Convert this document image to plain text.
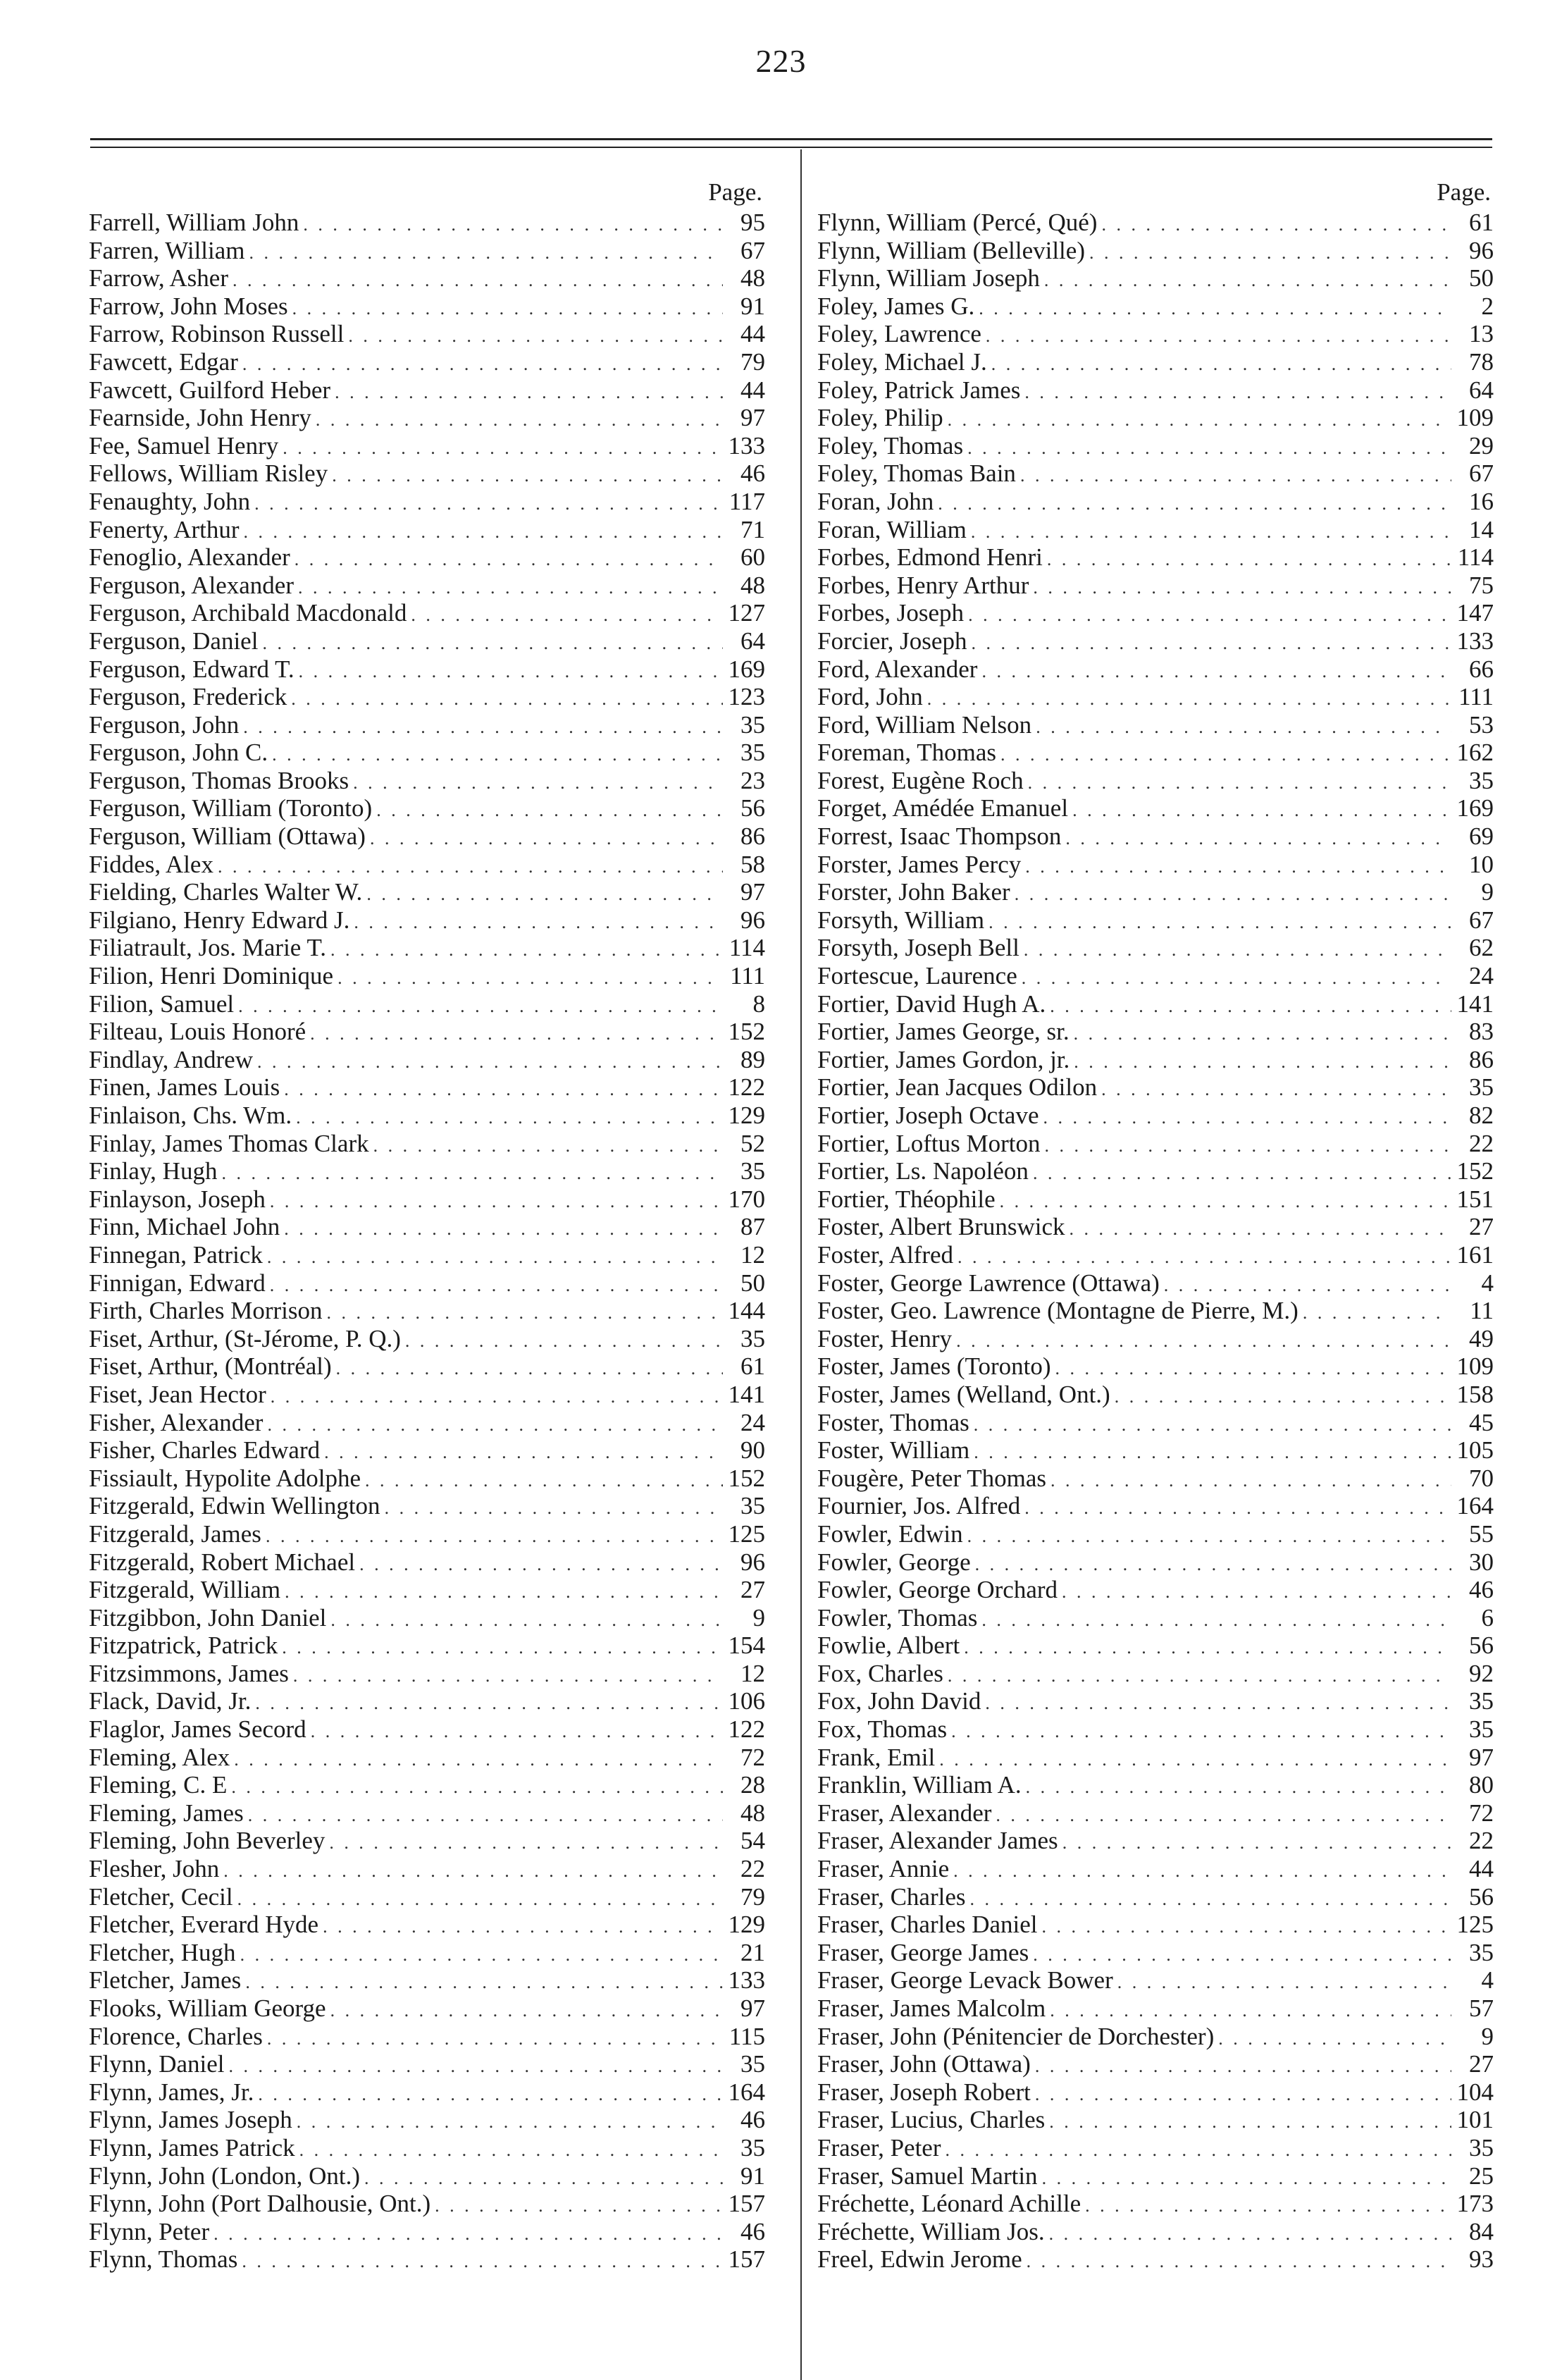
223
Page.
Farrell, William John . . .	95
Farren, William . . .	67
Farrow, Asher . . .	48
Farrow, John Moses . . .	91
Farrow, Robinson Russell . . .	44
Fawcett, Edgar . . .	79
Fawcett, Guilford Heber . . .	44
Fearnside, John Henry . . .	97
Fee, Samuel Henry . . .	133
Fellows, William Risley . . .	46
Fenaughty, John . . .	117
Fenerty, Arthur . . .	71
Fenoglio, Alexander . . .	60
Ferguson, Alexander . . .	48
Ferguson, Archibald Macdonald . . .	127
Ferguson, Daniel . . .	64
Ferguson, Edward T. . . .	169
Ferguson, Frederick . . .	123
Ferguson, John . . .	35
Ferguson, John C. . . .	35
Ferguson, Thomas Brooks . . .	23
Ferguson, William (Toronto) . . .	56
Ferguson, William (Ottawa) . . .	86
Fiddes, Alex . . .	58
Fielding, Charles Walter W. . . .	97
Filgiano, Henry Edward J. . . .	96
Filiatrault, Jos. Marie T. . . .	114
Filion, Henri Dominique . . .	111
Filion, Samuel . . .	8
Filteau, Louis Honoré . . .	152
Findlay, Andrew . . .	89
Finen, James Louis . . .	122
Finlaison, Chs. Wm. . . .	129
Finlay, James Thomas Clark . . .	52
Finlay, Hugh . . .	35
Finlayson, Joseph . . .	170
Finn, Michael John . . .	87
Finnegan, Patrick . . .	12
Finnigan, Edward . . .	50
Firth, Charles Morrison . . .	144
Fiset, Arthur, (St-Jérome, P. Q.) . . .	35
Fiset, Arthur, (Montréal) . . .	61
Fiset, Jean Hector . . .	141
Fisher, Alexander . . .	24
Fisher, Charles Edward . . .	90
Fissiault, Hypolite Adolphe . . .	152
Fitzgerald, Edwin Wellington . . .	35
Fitzgerald, James . . .	125
Fitzgerald, Robert Michael . . .	96
Fitzgerald, William . . .	27
Fitzgibbon, John Daniel . . .	9
Fitzpatrick, Patrick . . .	154
Fitzsimmons, James . . .	12
Flack, David, Jr. . . .	106
Flaglor, James Secord . . .	122
Fleming, Alex . . .	72
Fleming, C. E . . .	28
Fleming, James . . .	48
Fleming, John Beverley . . .	54
Flesher, John . . .	22
Fletcher, Cecil . . .	79
Fletcher, Everard Hyde . . .	129
Fletcher, Hugh . . .	21
Fletcher, James . . .	133
Flooks, William George . . .	97
Florence, Charles . . .	115
Flynn, Daniel . . .	35
Flynn, James, Jr. . . .	164
Flynn, James Joseph . . .	46
Flynn, James Patrick . . .	35
Flynn, John (London, Ont.) . . .	91
Flynn, John (Port Dalhousie, Ont.) . . .	157
Flynn, Peter . . .	46
Flynn, Thomas . . .	157
Page.
Flynn, William (Percé, Qué) . . .	61
Flynn, William (Belleville) . . .	96
Flynn, William Joseph . . .	50
Foley, James G. . . .	2
Foley, Lawrence . . .	13
Foley, Michael J. . . .	78
Foley, Patrick James . . .	64
Foley, Philip . . .	109
Foley, Thomas . . .	29
Foley, Thomas Bain . . .	67
Foran, John . . .	16
Foran, William . . .	14
Forbes, Edmond Henri . . .	114
Forbes, Henry Arthur . . .	75
Forbes, Joseph . . .	147
Forcier, Joseph . . .	133
Ford, Alexander . . .	66
Ford, John . . .	111
Ford, William Nelson . . .	53
Foreman, Thomas . . .	162
Forest, Eugène Roch . . .	35
Forget, Amédée Emanuel . . .	169
Forrest, Isaac Thompson . . .	69
Forster, James Percy . . .	10
Forster, John Baker . . .	9
Forsyth, William . . .	67
Forsyth, Joseph Bell . . .	62
Fortescue, Laurence . . .	24
Fortier, David Hugh A. . . .	141
Fortier, James George, sr. . . .	83
Fortier, James Gordon, jr. . . .	86
Fortier, Jean Jacques Odilon . . .	35
Fortier, Joseph Octave . . .	82
Fortier, Loftus Morton . . .	22
Fortier, Ls. Napoléon . . .	152
Fortier, Théophile . . .	151
Foster, Albert Brunswick . . .	27
Foster, Alfred . . .	161
Foster, George Lawrence (Ottawa) . . .	4
Foster, Geo. Lawrence (Montagne de Pierre, M.) . . .	11
Foster, Henry . . .	49
Foster, James (Toronto) . . .	109
Foster, James (Welland, Ont.) . . .	158
Foster, Thomas . . .	45
Foster, William . . .	105
Fougère, Peter Thomas . . .	70
Fournier, Jos. Alfred . . .	164
Fowler, Edwin . . .	55
Fowler, George . . .	30
Fowler, George Orchard . . .	46
Fowler, Thomas . . .	6
Fowlie, Albert . . .	56
Fox, Charles . . .	92
Fox, John David . . .	35
Fox, Thomas . . .	35
Frank, Emil . . .	97
Franklin, William A. . . .	80
Fraser, Alexander . . .	72
Fraser, Alexander James . . .	22
Fraser, Annie . . .	44
Fraser, Charles . . .	56
Fraser, Charles Daniel . . .	125
Fraser, George James . . .	35
Fraser, George Levack Bower . . .	4
Fraser, James Malcolm . . .	57
Fraser, John (Pénitencier de Dorchester) . . .	9
Fraser, John (Ottawa) . . .	27
Fraser, Joseph Robert . . .	104
Fraser, Lucius, Charles . . .	101
Fraser, Peter . . .	35
Fraser, Samuel Martin . . .	25
Fréchette, Léonard Achille . . .	173
Fréchette, William Jos. . . .	84
Freel, Edwin Jerome . . .	93
